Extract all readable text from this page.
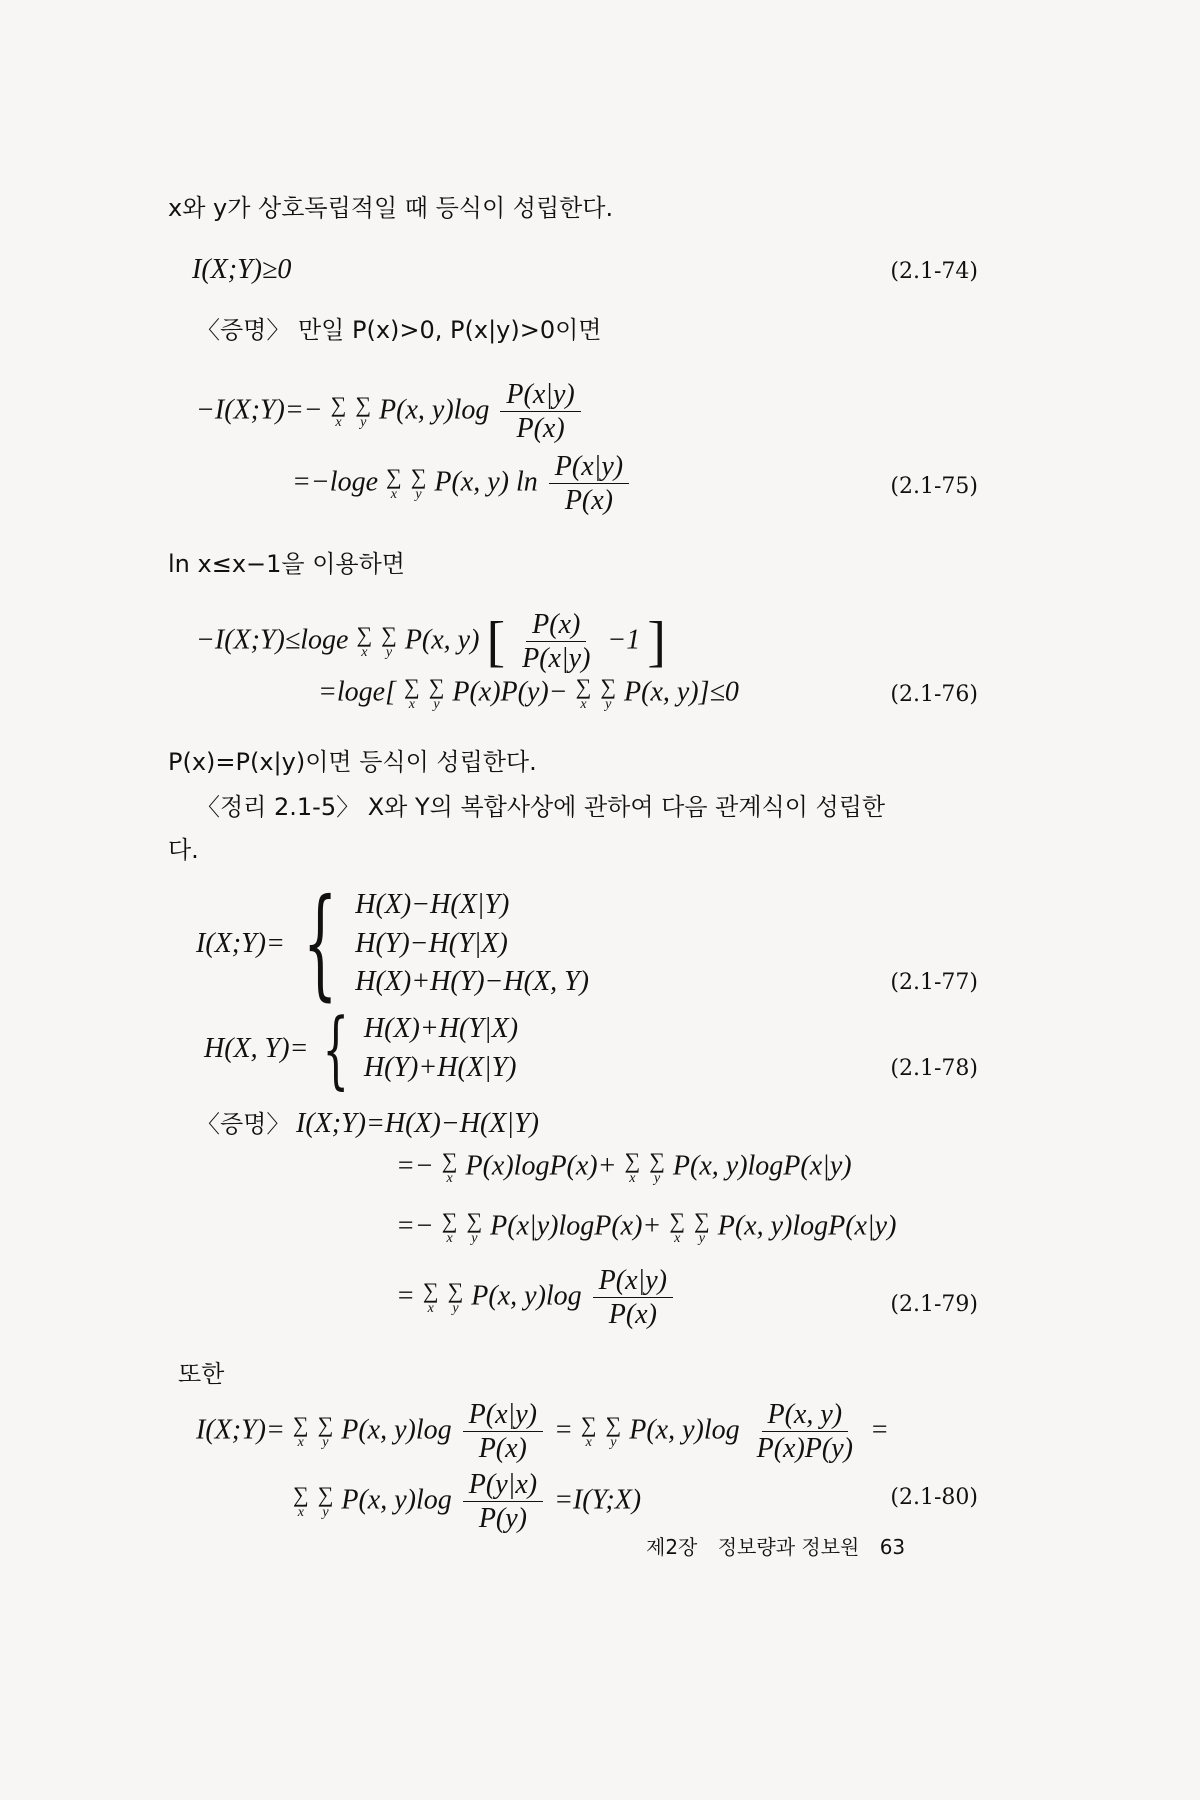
x와 y가 상호독립적일 때 등식이 성립한다.
I(X;Y)≥0	(2.1-74)
〈증명〉 만일 P(x)>0, P(x|y)>0이면
−I(X;Y)=− ∑
x

∑
y P(x, $y)\log \frac{P(x|y)}{P(x)}$
=−loge ∑
x

∑
y P(x, y) $\ln \frac{P(x|y)}{P(x)}$	(2.1-75)
ln x≤x−1을 이용하면
−I(X;Y)≤loge ∑
x

∑
y P(x, y) [ $\frac{P(x)}{P(x|y)} -1$ ]
=loge[ ∑
x

∑
y P(x)P(y)− ∑
x

∑
y P(x, y)]≤0	(2.1-76)
P(x)=P(x|y)이면 등식이 성립한다.
〈정리 2.1-5〉 X와 Y의 복합사상에 관하여 다음 관계식이 성립한
다.
I(X;Y)= { H(X)−H(X|Y)
H(Y)−H(Y|X)
H(X)+H(Y)−H(X, Y)	(2.1-77)
H(X, Y)= { H(X)+H(Y|X)
H(Y)+H(X|Y)	(2.1-78)
〈증명〉 I(X;Y)=H(X)−H(X|Y)
=− ∑
x P(x)logP(x)+ ∑
x

∑
y P(x, y)logP(x|y)
=− ∑
x

∑
y P(x|y)logP(x)+ ∑
x

∑
y P(x, y)logP(x|y)
= ∑
x

∑
y P(x, $y)\log \frac{P(x|y)}{P(x)}$	(2.1-79)
또한
I(X;Y)= ∑
x

∑
y P(x, $y)\log \frac{P(x|y)}{P(x)}$ = ∑
x

∑
y P(x, $y)\log \frac{P(x, y)}{P(x)P(y)}$ =
∑
x

∑
y P(x, $y)\log \frac{P(y|x)}{P(y)}$ =I(Y;X)	(2.1-80)
제2장 정보량과 정보원 63
